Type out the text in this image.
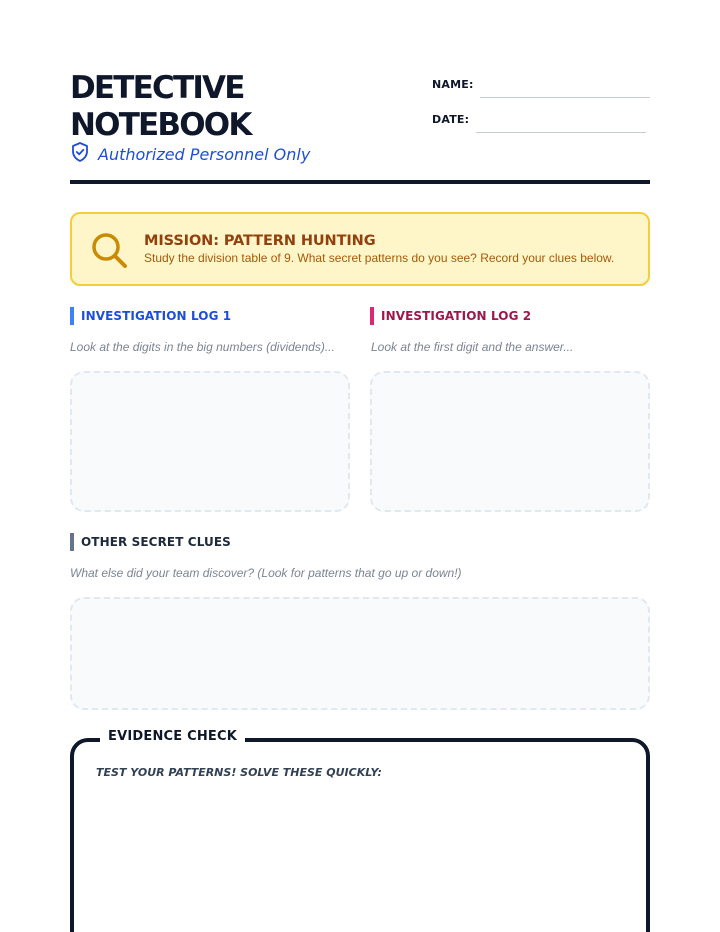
DETECTIVE
NOTEBOOK
Authorized Personnel Only
NAME:
DATE:
MISSION: PATTERN HUNTING
Study the division table of 9. What secret patterns do you see? Record your clues below.
INVESTIGATION LOG 1
Look at the digits in the big numbers (dividends)...
INVESTIGATION LOG 2
Look at the first digit and the answer...
OTHER SECRET CLUES
What else did your team discover? (Look for patterns that go up or down!)
EVIDENCE CHECK
TEST YOUR PATTERNS! SOLVE THESE QUICKLY:
